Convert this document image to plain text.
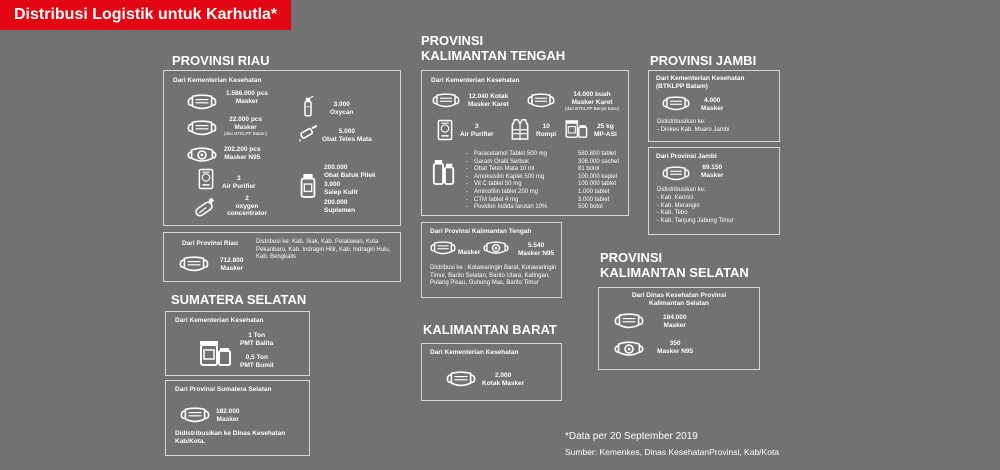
Distribusi Logistik untuk Karhutla*
PROVINSI RIAU
Dari Kementerian Kesehatan
1.586.000 pcs
Masker
22.000 pcs
Masker
(dari BTKLPP Batam)
202.200 pcs
Masker N95
3
Air Purifier
2
oxygen concentrator
3.000
Oxycan
5.000
Obat Tetes Mata
200.000
Obat Batuk Pilek
3.000
Salep Kulit
200.000
Suplemen
Dari Provinsi Riau
712.800
Masker
Distribusi ke: Kab. Siak, Kab. Pelalawan, Kota Pekanbaru, Kab. Indragiri Hilir, Kab. Indragiri Hulu, Kab. Bengkalis
SUMATERA SELATAN
Dari Kementerian Kesehatan
1 Ton
PMT Balita
0,5 Ton
PMT Bumil
Dari Provinsi Sumatera Selatan
182.000
Masker
Didistribusikan ke Dinas Kesehatan Kab/Kota.
PROVINSI
KALIMANTAN TENGAH
Dari Kementerian Kesehatan
12.040 Kotak
Masker Karet
14.000 buah
Masker Karet
(dari BTKLPP Banjar Baru)
3
Air Purifier
10
Rompi
25 kg
MP-ASI
-	Paracetamol Tablet 500 mg	580.800 tablet
-	Garam Oralit Serbuk	306.000 sachet
-	Obat Tetes Mata 10 ml	81 botol
-	Amoksisilin Kaplet 500 mg	100.000 kaplet
-	Vit C tablet 50 mg	100.000 tablet
-	Aminofilin tablet 200 mg	1.000 tablet
-	CTM tablet 4 mg	3.000 tablet
-	Povidon Iodida larutan 10%	500 botol
Dari Provinsi Kalimantan Tengah
Masker
5.540
Masker N95
Distribusi ke : Kotawaringin Barat, Kotawaringin Timur, Barito Selatan, Barito Utara, Katingan, Pulang Pisau, Gunung Mas, Barito Timur
KALIMANTAN BARAT
Dari Kementerian Kesehatan
2.000
Kotak Masker
PROVINSI JAMBI
Dari Kementerian Kesehatan
(BTKLPP Batam)
4.000
Masker
Didistribusikan ke:
- Dinkes Kab. Muaro Jambi
Dari Provinsi Jambi
69.150
Masker
Didistribusikan ke:
- Kab. Kerinci
- Kab. Merangin
- Kab. Tebo
- Kab. Tanjung Jabung Timur
PROVINSI
KALIMANTAN SELATAN
Dari Dinas Kesehatan Provinsi
Kalimantan Selatan
184.000
Masker
350
Masker N95
*Data per 20 September 2019
Sumber: Kemenkes, Dinas KesehatanProvinsi, Kab/Kota
